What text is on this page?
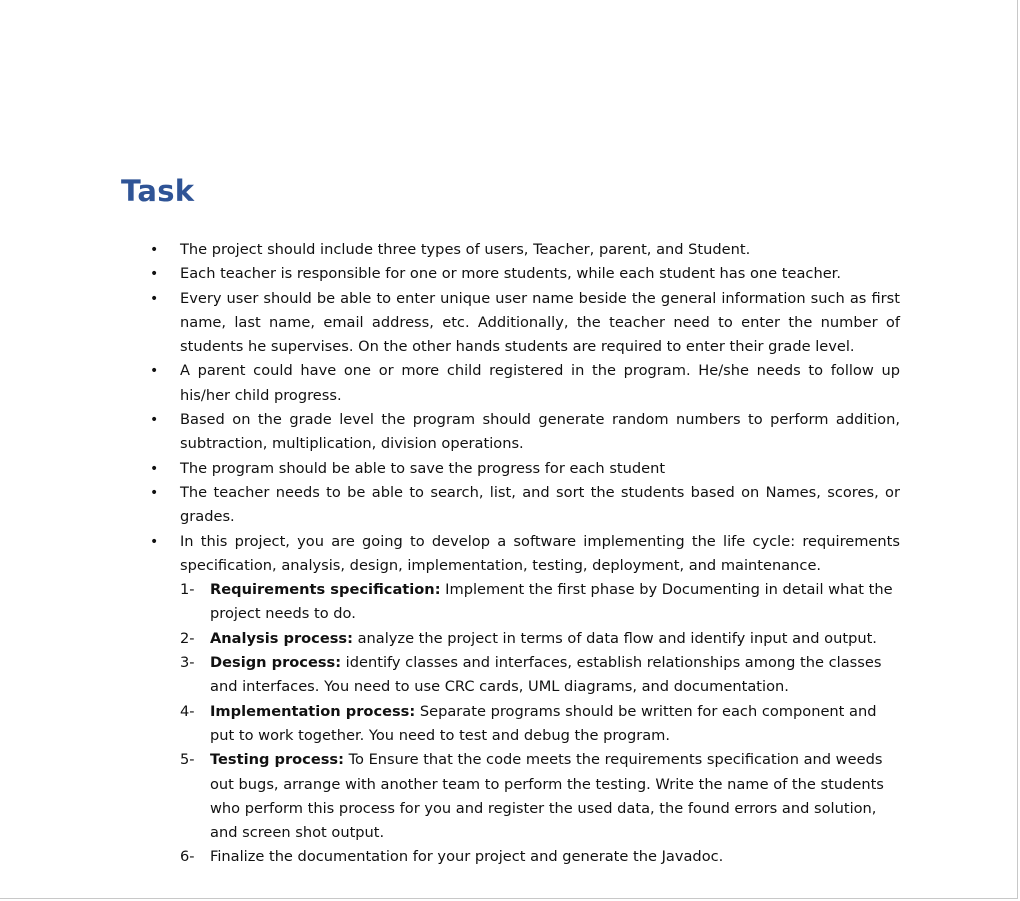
Task
• The project should include three types of users, Teacher, parent, and Student.
• Each teacher is responsible for one or more students, while each student has one teacher.
• Every user should be able to enter unique user name beside the general information such as first name, last name, email address, etc. Additionally, the teacher need to enter the number of students he supervises. On the other hands students are required to enter their grade level.
• A parent could have one or more child registered in the program. He/she needs to follow up his/her child progress.
• Based on the grade level the program should generate random numbers to perform addition, subtraction, multiplication, division operations.
• The program should be able to save the progress for each student
• The teacher needs to be able to search, list, and sort the students based on Names, scores, or grades.
• In this project, you are going to develop a software implementing the life cycle: requirements specification, analysis, design, implementation, testing, deployment, and maintenance.
1- Requirements specification: Implement the first phase by Documenting in detail what the project needs to do.
2- Analysis process: analyze the project in terms of data flow and identify input and output.
3- Design process: identify classes and interfaces, establish relationships among the classes and interfaces. You need to use CRC cards, UML diagrams, and documentation.
4- Implementation process: Separate programs should be written for each component and put to work together. You need to test and debug the program.
5- Testing process: To Ensure that the code meets the requirements specification and weeds out bugs, arrange with another team to perform the testing. Write the name of the students who perform this process for you and register the used data, the found errors and solution, and screen shot output.
6- Finalize the documentation for your project and generate the Javadoc.
